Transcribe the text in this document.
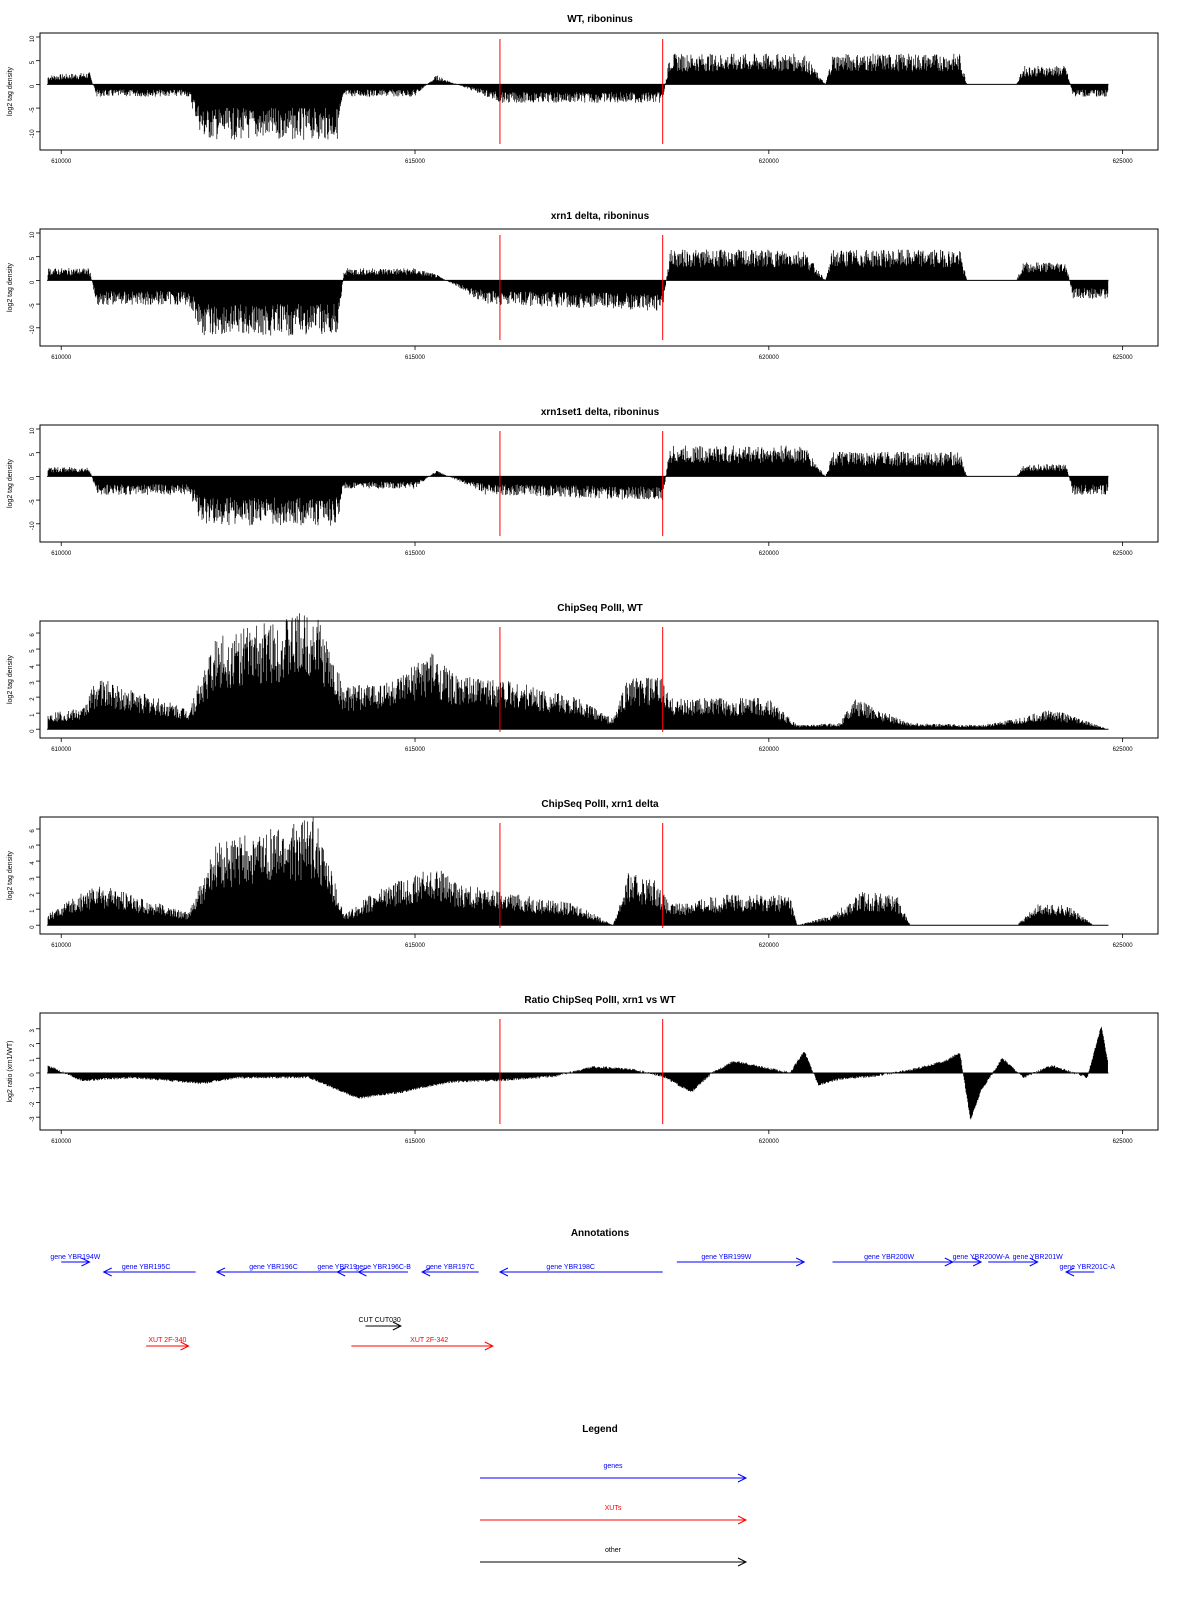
WT, riboninus
log2 tag density
10
5
0
-5
-10
610000	615000	620000	625000
xrn1 delta, riboninus
log2 tag density
10
5
0
-5
-10
610000	615000	620000	625000
xrn1set1 delta, riboninus
log2 tag density
10
5
0
-5
-10
610000	615000	620000	625000
ChipSeq PolII, WT
log2 tag density
0
1
2
3
4
5
6
610000	615000	620000	625000
ChipSeq PolII, xrn1 delta
log2 tag density
0
1
2
3
4
5
6
610000	615000	620000	625000
Ratio ChipSeq PolII, xrn1 vs WT
log2 ratio (xrn1/WT)
3
2
1
0
-1
-2
-3
610000	615000	620000	625000
Annotations
gene YBR194W
gene YBR195C	gene YBR196C	gene YBR19
gene YBR196C-B gene YBR197C	gene YBR198C
gene YBR199W	gene YBR200W	gene YBR200W-A gene YBR201W
gene YBR201C-A
CUT CUT030
XUT 2F-340	XUT 2F-342
Legend
genes
XUTs
other
